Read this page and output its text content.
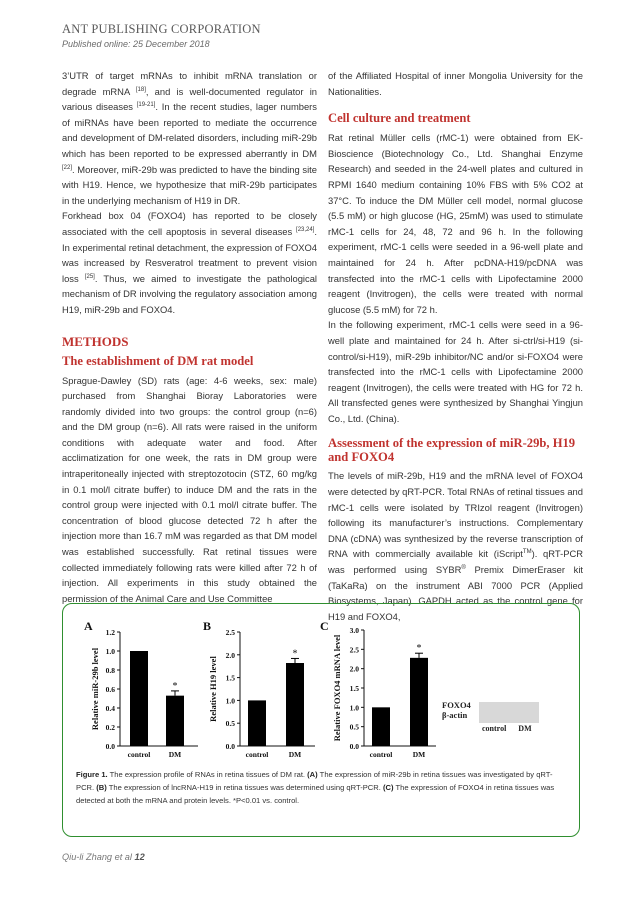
ANT PUBLISHING CORPORATION
Published online: 25 December 2018

3’UTR of target mRNAs to inhibit mRNA translation or degrade mRNA [18], and is well-documented regulator in various diseases [19-21]. In the recent studies, lager numbers of miRNAs have been reported to mediate the occurrence and development of DM-related disorders, including miR-29b which has been reported to be expressed aberrantly in DM [22]. Moreover, miR-29b was predicted to have the binding site with H19. Hence, we hypothesize that miR-29b participates in the underlying mechanism of H19 in DR.

Forkhead box 04 (FOXO4) has reported to be closely associated with the cell apoptosis in several diseases [23,24]. In experimental retinal detachment, the expression of FOXO4 was increased by Resveratrol treatment to prevent vision loss [25]. Thus, we aimed to investigate the pathological mechanism of DR involving the regulatory association among H19, miR-29b and FOXO4.

METHODS
The establishment of DM rat model

Sprague-Dawley (SD) rats (age: 4-6 weeks, sex: male) purchased from Shanghai Bioray Laboratories were randomly divided into two groups: the control group (n=6) and the DM group (n=6). All rats were raised in the uniform conditions with adequate water and food. After acclimatization for one week, the rats in DM group were intraperitoneally injected with streptozotocin (STZ, 60 mg/kg in 0.1 mol/l citrate buffer) to induce DM and the rats in the control group were injected with 0.1 mol/l citrate buffer. The concentration of blood glucose detected 72 h after the injection more than 16.7 mM was regarded as that DM model was established successfully. Rat retinal tissues were collected immediately following rats were killed after 72 h of injection. All experiments in this study obtained the permission of the Animal Care and Use Committee

of the Affiliated Hospital of inner Mongolia University for the Nationalities.

Cell culture and treatment

Rat retinal Müller cells (rMC-1) were obtained from EK-Bioscience (Biotechnology Co., Ltd. Shanghai Enzyme Research) and seeded in the 24-well plates and cultured in RPMI 1640 medium containing 10% FBS with 5% CO2 at 37°C. To induce the DM Müller cell model, normal glucose (5.5 mM) or high glucose (HG, 25mM) was used to stimulate rMC-1 cells for 24, 48, 72 and 96 h. In the following experiment, rMC-1 cells were seeded in a 96-well plate and maintained for 24 h. After pcDNA-H19/pcDNA was transfected into the rMC-1 cells with Lipofectamine 2000 reagent (Invitrogen), the cells were treated with normal glucose (5.5 mM) for 72 h.

In the following experiment, rMC-1 cells were seed in a 96-well plate and maintained for 24 h. After si-ctrl/si-H19 (si-control/si-H19), miR-29b inhibitor/NC and/or si-FOXO4 were transfected into the rMC-1 cells with Lipofectamine 2000 reagent (Invitrogen), the cells were treated with HG for 72 h. All transfected genes were synthesized by Shanghai Yingjun Co., Ltd. (China).

Assessment of the expression of miR-29b, H19 and FOXO4

The levels of miR-29b, H19 and the mRNA level of FOXO4 were detected by qRT-PCR. Total RNAs of retinal tissues and rMC-1 cells were isolated by TRIzol reagent (Invitrogen) following its manufacturer’s instructions. Complementary DNA (cDNA) was synthesized by the reverse transcription of RNA with commercially available kit (iScript™). qRT-PCR was performed using SYBR® Premix DimerEraser kit (TaKaRa) on the instrument ABI 7000 PCR (Applied Biosystems, Japan). GAPDH acted as the control gene for H19 and FOXO4,

A	B	C
0.0
0.2
0.4
0.6
0.8
1.0
1.2
Relative miR-29b level
control
*
DM
0.0
0.5
1.0
1.5
2.0
2.5
Relative H19 level
control
*
DM
0.0
0.5
1.0
1.5
2.0
2.5
3.0
Relative FOXO4 mRNA level
control
*
DM
FOXO4
β-actin
control DM
Figure 1. The expression profile of RNAs in retina tissues of DM rat. (A) The expression of miR-29b in retina tissues was investigated by qRT-PCR. (B) The expression of lncRNA-H19 in retina tissues was determined using qRT-PCR. (C) The expression of FOXO4 in retina tissues was detected at both the mRNA and protein levels. *P<0.01 vs. control.
Qiu-li Zhang et al 12
